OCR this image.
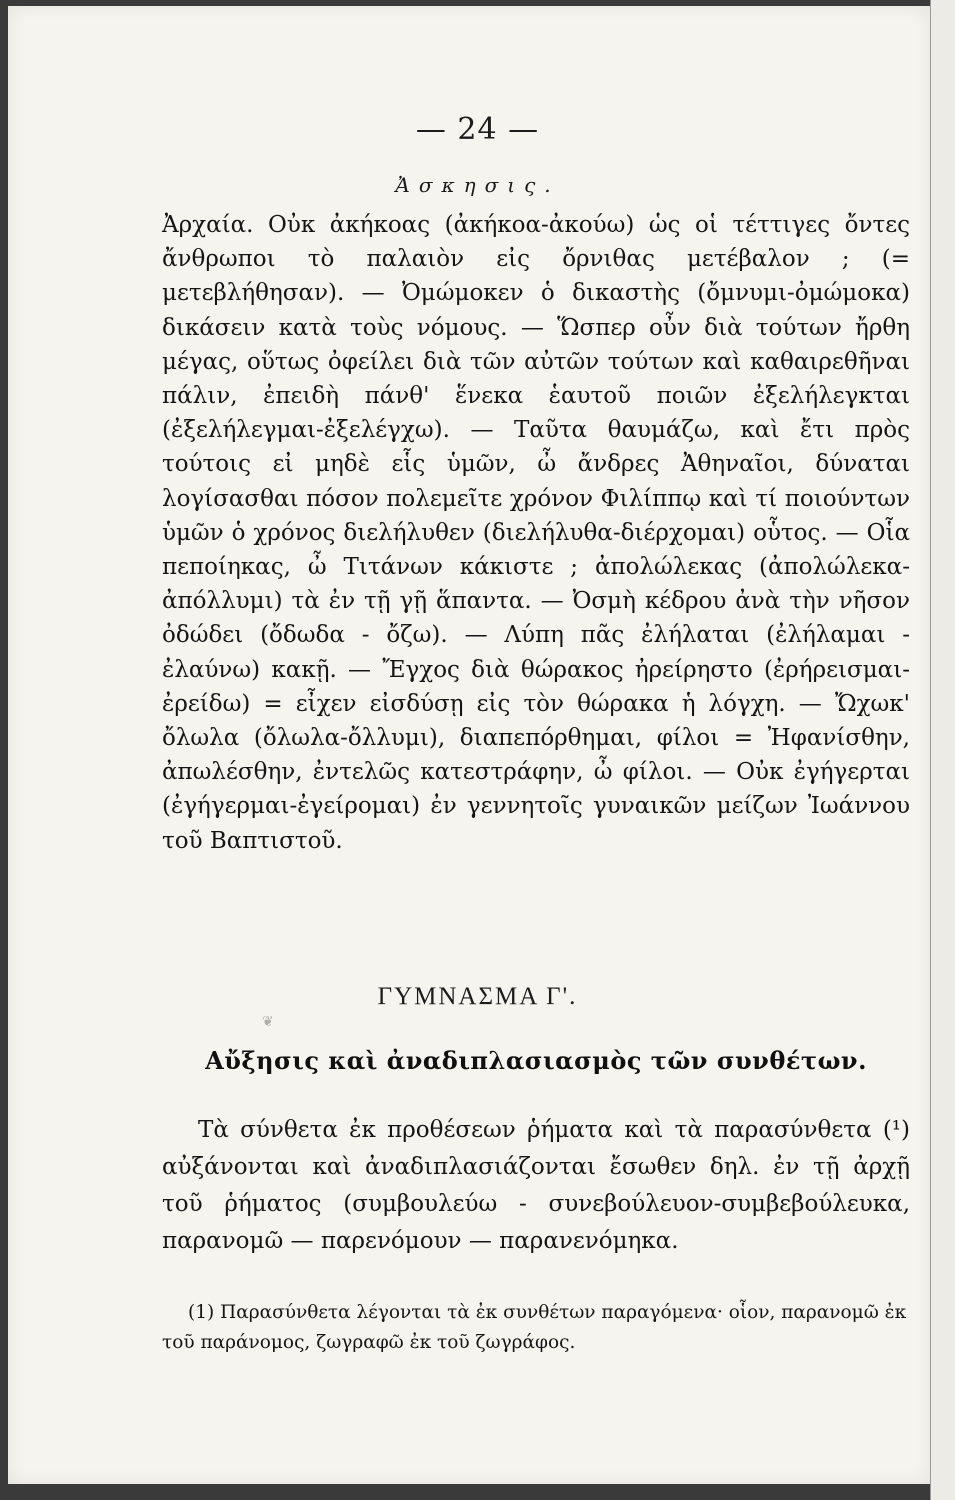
❦
— 24 —
Ἀσκησις.

Ἀρχαία. Οὐκ ἀκήκοας (ἀκήκοα-ἀκούω) ὡς οἱ τέττιγες ὄντες ἄνθρωποι τὸ παλαιὸν εἰς ὄρνιθας μετέβαλον ; (= μετεβλήθησαν). — Ὀμώμοκεν ὁ δικαστὴς (ὄμνυμι-ὀμώμοκα) δικάσειν κατὰ τοὺς νόμους. — Ὥσπερ οὖν διὰ τούτων ἤρθη μέγας, οὕτως ὀφείλει διὰ τῶν αὐτῶν τούτων καὶ καθαιρεθῆναι πάλιν, ἐπειδὴ πάνθ' ἕνεκα ἑαυτοῦ ποιῶν ἐξελήλεγκται (ἐξελήλεγμαι-ἐξελέγχω). — Ταῦτα θαυμάζω, καὶ ἔτι πρὸς τούτοις εἰ μηδὲ εἷς ὑμῶν, ὦ ἄνδρες Ἀθηναῖοι, δύναται λογίσασθαι πόσον πολεμεῖτε χρόνον Φιλίππῳ καὶ τί ποιούντων ὑμῶν ὁ χρόνος διελήλυθεν (διελήλυθα-διέρχομαι) οὗτος. — Οἷα πεποίηκας, ὦ Τιτάνων κάκιστε ; ἀπολώλεκας (ἀπολώλεκα-ἀπόλλυμι) τὰ ἐν τῇ γῇ ἅπαντα. — Ὀσμὴ κέδρου ἀνὰ τὴν νῆσον ὀδώδει (ὄδωδα - ὄζω). — Λύπη πᾶς ἐλήλαται (ἐλήλαμαι - ἐλαύνω) κακῇ. — Ἔγχος διὰ θώρακος ἠρείρηστο (ἐρήρεισμαι-ἐρείδω) = εἶχεν εἰσδύσῃ εἰς τὸν θώρακα ἡ λόγχη. — Ὤχωκ' ὄλωλα (ὄλωλα-ὄλλυμι), διαπεπόρθημαι, φίλοι = Ἠφανίσθην, ἀπωλέσθην, ἐντελῶς κατεστράφην, ὦ φίλοι. — Οὐκ ἐγήγερται (ἐγήγερμαι-ἐγείρομαι) ἐν γεννητοῖς γυναικῶν μείζων Ἰωάννου τοῦ Βαπτιστοῦ.

ΓΥΜΝΑΣΜΑ Γ'.
Αὔξησις καὶ ἀναδιπλασιασμὸς τῶν συνθέτων.

Τὰ σύνθετα ἐκ προθέσεων ῥήματα καὶ τὰ παρασύνθετα (¹) αὐξάνονται καὶ ἀναδιπλασιάζονται ἔσωθεν δηλ. ἐν τῇ ἀρχῇ τοῦ ῥήματος (συμβουλεύω - συνεβούλευον-συμβεβούλευκα, παρανομῶ — παρενόμουν — παρανενόμηκα.

(1) Παρασύνθετα λέγονται τὰ ἐκ συνθέτων παραγόμενα· οἷον, παρανομῶ ἐκ τοῦ παράνομος, ζωγραφῶ ἐκ τοῦ ζωγράφος.
